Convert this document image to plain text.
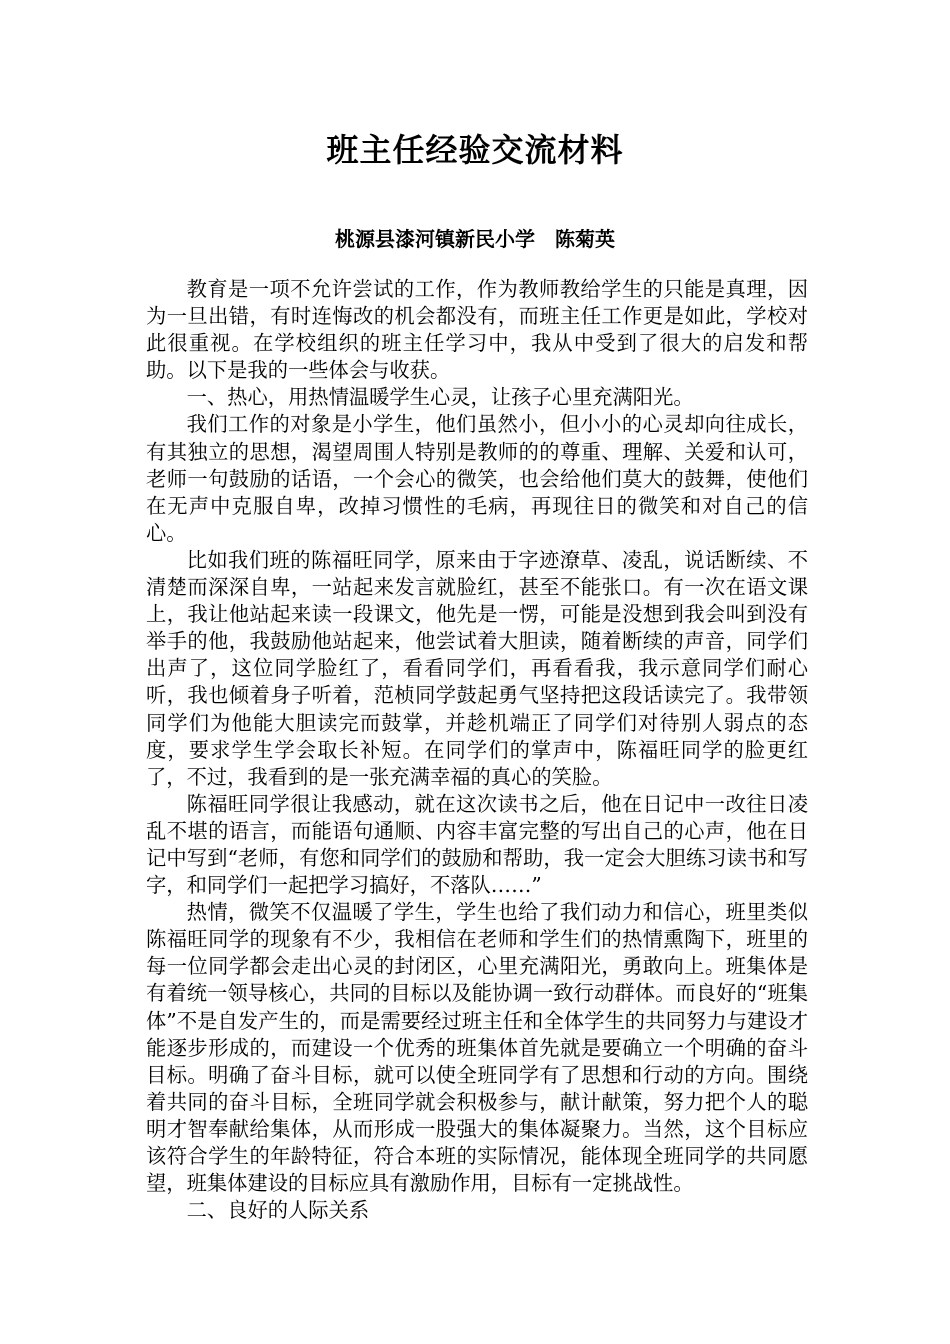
班主任经验交流材料
桃源县漆河镇新民小学　陈菊英

教育是一项不允许尝试的工作，作为教师教给学生的只能是真理，因为一旦出错，有时连悔改的机会都没有，而班主任工作更是如此，学校对此很重视。在学校组织的班主任学习中，我从中受到了很大的启发和帮助。以下是我的一些体会与收获。

一、热心，用热情温暖学生心灵，让孩子心里充满阳光。

我们工作的对象是小学生，他们虽然小，但小小的心灵却向往成长，有其独立的思想，渴望周围人特别是教师的的尊重、理解、关爱和认可，老师一句鼓励的话语，一个会心的微笑，也会给他们莫大的鼓舞，使他们在无声中克服自卑，改掉习惯性的毛病，再现往日的微笑和对自己的信心。

比如我们班的陈福旺同学，原来由于字迹潦草、凌乱，说话断续、不清楚而深深自卑，一站起来发言就脸红，甚至不能张口。有一次在语文课上，我让他站起来读一段课文，他先是一愣，可能是没想到我会叫到没有举手的他，我鼓励他站起来，他尝试着大胆读，随着断续的声音，同学们出声了，这位同学脸红了，看看同学们，再看看我，我示意同学们耐心听，我也倾着身子听着，范桢同学鼓起勇气坚持把这段话读完了。我带领同学们为他能大胆读完而鼓掌，并趁机端正了同学们对待别人弱点的态度，要求学生学会取长补短。在同学们的掌声中，陈福旺同学的脸更红了，不过，我看到的是一张充满幸福的真心的笑脸。

陈福旺同学很让我感动，就在这次读书之后，他在日记中一改往日凌乱不堪的语言，而能语句通顺、内容丰富完整的写出自己的心声，他在日记中写到“老师，有您和同学们的鼓励和帮助，我一定会大胆练习读书和写字，和同学们一起把学习搞好，不落队……”

热情，微笑不仅温暖了学生，学生也给了我们动力和信心，班里类似陈福旺同学的现象有不少，我相信在老师和学生们的热情熏陶下，班里的每一位同学都会走出心灵的封闭区，心里充满阳光，勇敢向上。班集体是有着统一领导核心，共同的目标以及能协调一致行动群体。而良好的“班集体”不是自发产生的，而是需要经过班主任和全体学生的共同努力与建设才能逐步形成的，而建设一个优秀的班集体首先就是要确立一个明确的奋斗目标。明确了奋斗目标，就可以使全班同学有了思想和行动的方向。围绕着共同的奋斗目标，全班同学就会积极参与，献计献策，努力把个人的聪明才智奉献给集体，从而形成一股强大的集体凝聚力。当然，这个目标应该符合学生的年龄特征，符合本班的实际情况，能体现全班同学的共同愿望，班集体建设的目标应具有激励作用，目标有一定挑战性。

二、良好的人际关系
